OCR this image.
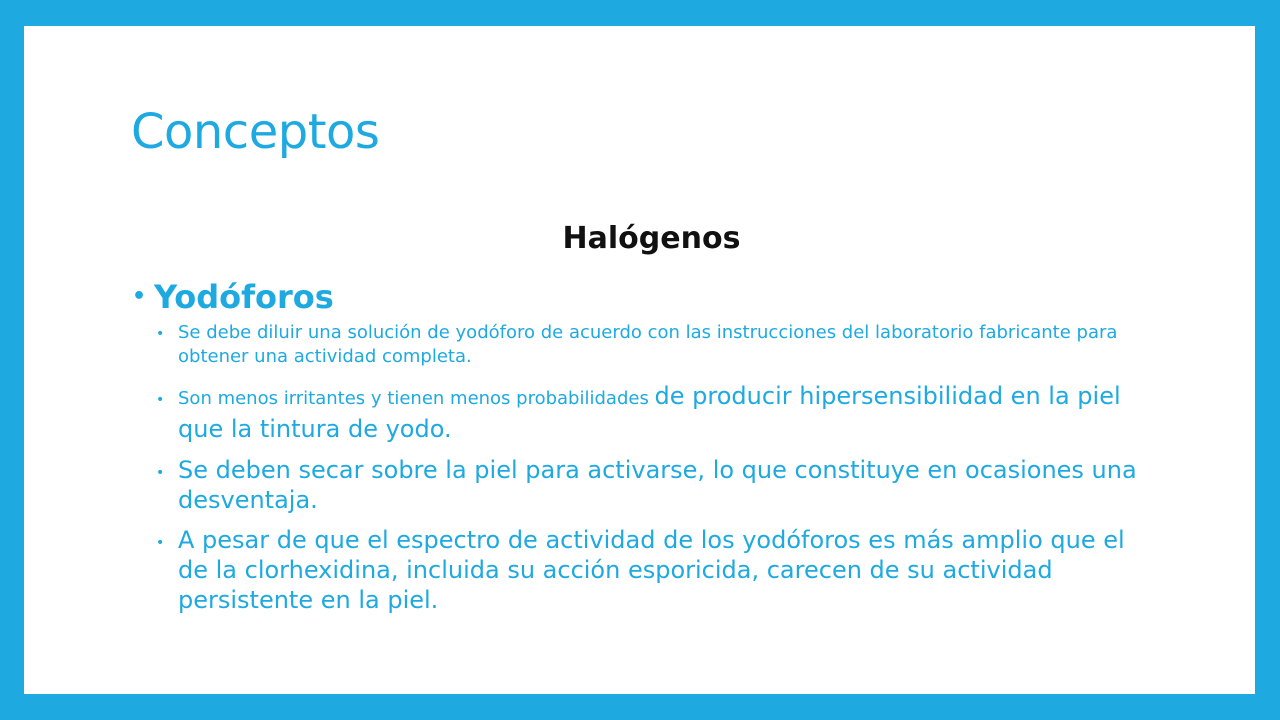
Conceptos
Halógenos
• Yodóforos
• Se debe diluir una solución de yodóforo de acuerdo con las instrucciones del laboratorio fabricante para obtener una actividad completa.
• Son menos irritantes y tienen menos probabilidades de producir hipersensibilidad en la piel que la tintura de yodo.
• Se deben secar sobre la piel para activarse, lo que constituye en ocasiones una desventaja.
• A pesar de que el espectro de actividad de los yodóforos es más amplio que el de la clorhexidina, incluida su acción esporicida, carecen de su actividad persistente en la piel.
